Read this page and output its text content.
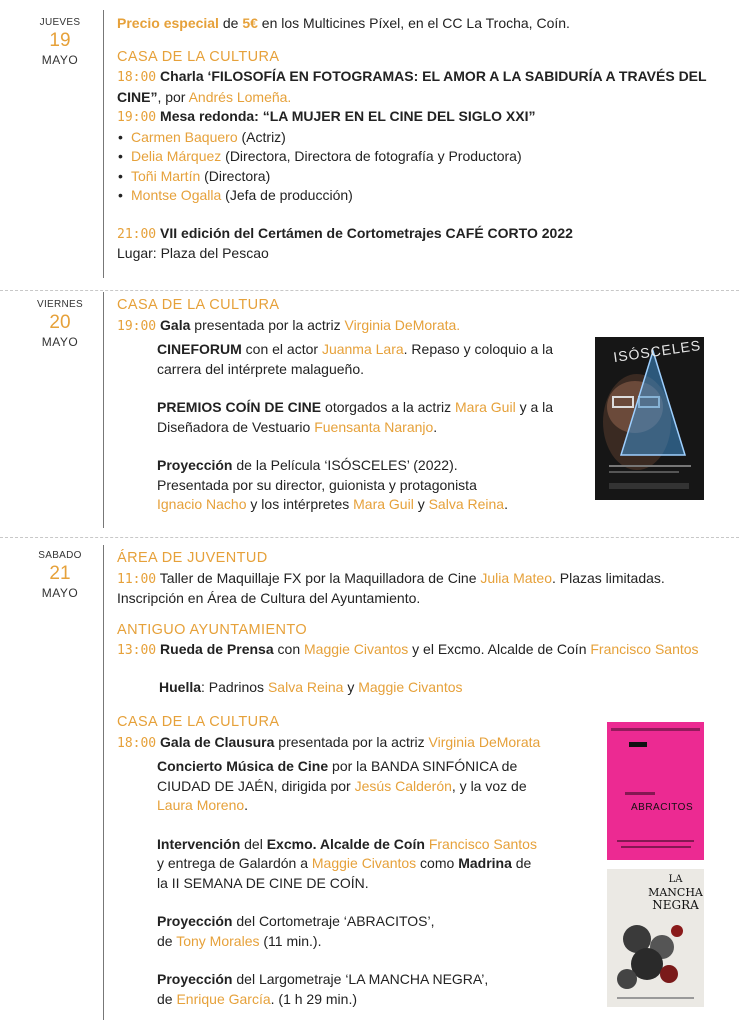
JUEVES
19
MAYO
Precio especial de 5€ en los Multicines Píxel, en el CC La Trocha, Coín.
CASA DE LA CULTURA
18:00 Charla ‘FILOSOFÍA EN FOTOGRAMAS: EL AMOR A LA SABIDURÍA A TRAVÉS DEL CINE”, por Andrés Lomeña.
19:00 Mesa redonda: “LA MUJER EN EL CINE DEL SIGLO XXI”
• Carmen Baquero (Actriz)
• Delia Márquez (Directora, Directora de fotografía y Productora)
• Toñi Martín (Directora)
• Montse Ogalla (Jefa de producción)
21:00 VII edición del Certámen de Cortometrajes CAFÉ CORTO 2022
Lugar: Plaza del Pescao
VIERNES
20
MAYO
CASA DE LA CULTURA
19:00 Gala presentada por la actriz Virginia DeMorata.
CINEFORUM con el actor Juanma Lara. Repaso y coloquio a la carrera del intérprete malagueño.
PREMIOS COÍN DE CINE otorgados a la actriz Mara Guil y a la Diseñadora de Vestuario Fuensanta Naranjo.
Proyección de la Película ‘ISÓSCELES’ (2022).
Presentada por su director, guionista y protagonista
Ignacio Nacho y los intérpretes Mara Guil y Salva Reina.
ISÓSCELES
SABADO
21
MAYO
ÁREA DE JUVENTUD
11:00 Taller de Maquillaje FX por la Maquilladora de Cine Julia Mateo. Plazas limitadas. Inscripción en Área de Cultura del Ayuntamiento.
ANTIGUO AYUNTAMIENTO
13:00 Rueda de Prensa con Maggie Civantos y el Excmo. Alcalde de Coín Francisco Santos
Huella: Padrinos Salva Reina y Maggie Civantos
CASA DE LA CULTURA
18:00 Gala de Clausura presentada por la actriz Virginia DeMorata
Concierto Música de Cine por la BANDA SINFÓNICA de CIUDAD DE JAÉN, dirigida por Jesús Calderón, y la voz de Laura Moreno.
Intervención del Excmo. Alcalde de Coín Francisco Santos y entrega de Galardón a Maggie Civantos como Madrina de la II SEMANA DE CINE DE COÍN.
Proyección del Cortometraje ‘ABRACITOS’,
de Tony Morales (11 min.).
Proyección del Largometraje ‘LA MANCHA NEGRA’,
de Enrique García. (1 h 29 min.)
ABRACITOS
LA
MANCHA
NEGRA
